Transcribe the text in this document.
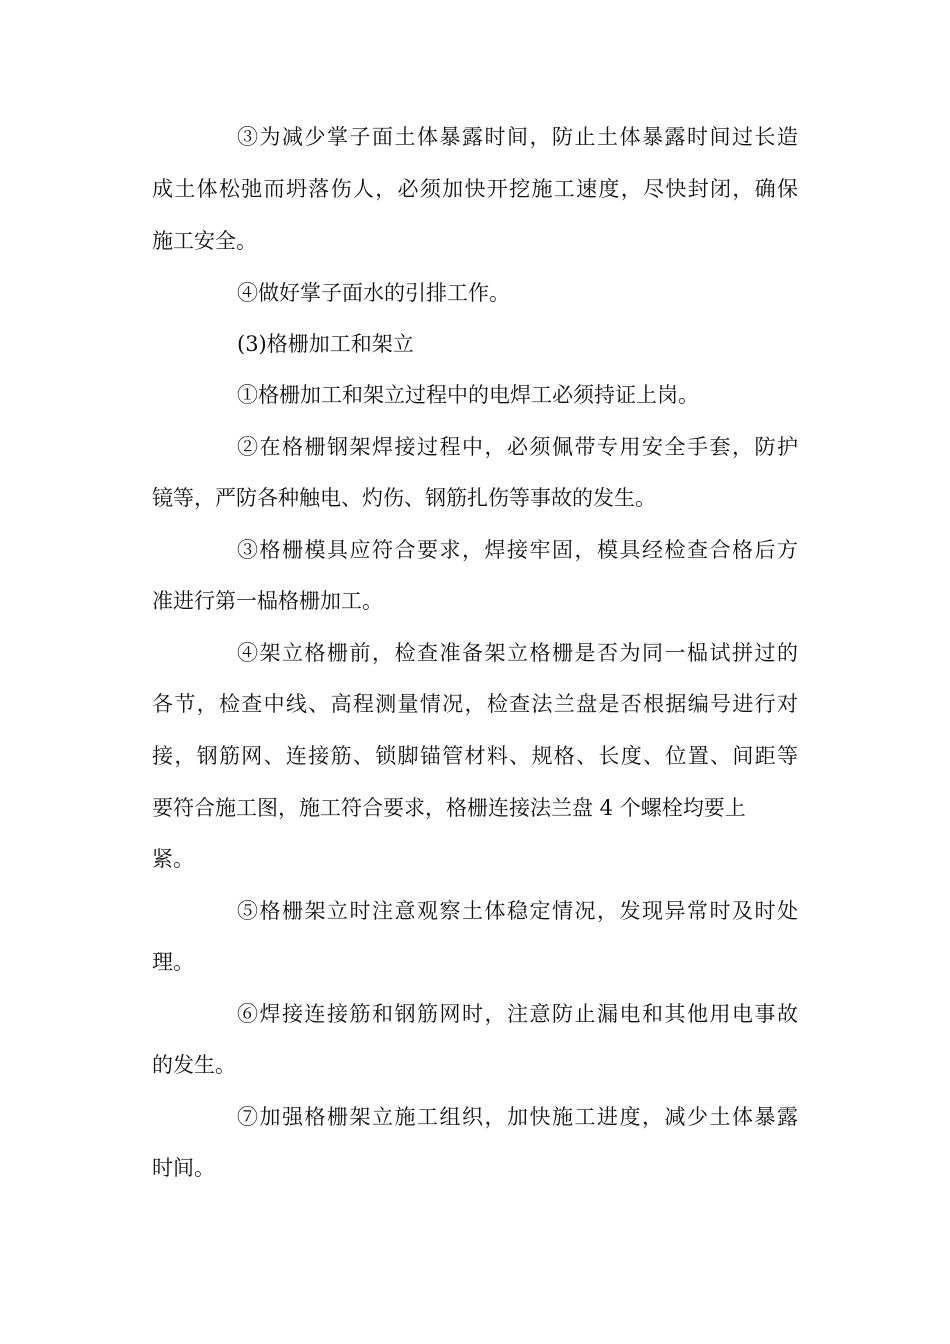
③为减少掌子面土体暴露时间，防止土体暴露时间过长造
成土体松弛而坍落伤人，必须加快开挖施工速度，尽快封闭，确保
施工安全。
④做好掌子面水的引排工作。
(3)格栅加工和架立
①格栅加工和架立过程中的电焊工必须持证上岗。
②在格栅钢架焊接过程中，必须佩带专用安全手套，防护
镜等，严防各种触电、灼伤、钢筋扎伤等事故的发生。
③格栅模具应符合要求，焊接牢固，模具经检查合格后方
准进行第一榀格栅加工。
④架立格栅前，检查准备架立格栅是否为同一榀试拼过的
各节，检查中线、高程测量情况，检查法兰盘是否根据编号进行对
接，钢筋网、连接筋、锁脚锚管材料、规格、长度、位置、间距等
要符合施工图，施工符合要求，格栅连接法兰盘 4 个螺栓均要上
紧。
⑤格栅架立时注意观察土体稳定情况，发现异常时及时处
理。
⑥焊接连接筋和钢筋网时，注意防止漏电和其他用电事故
的发生。
⑦加强格栅架立施工组织，加快施工进度，减少土体暴露
时间。
